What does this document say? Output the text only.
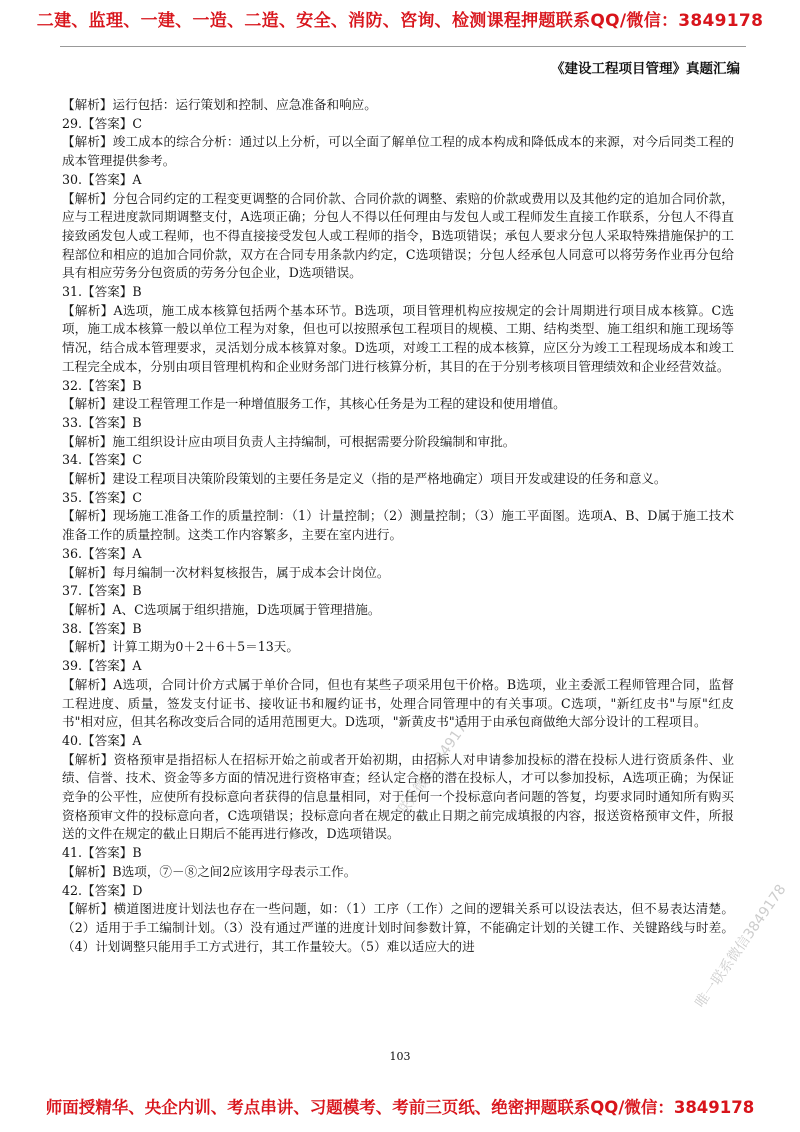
二建、监理、一建、一造、二造、安全、消防、咨询、检测课程押题联系QQ/微信：3849178
《建设工程项目管理》真题汇编

【解析】运行包括：运行策划和控制、应急准备和响应。

29.【答案】C

【解析】竣工成本的综合分析：通过以上分析，可以全面了解单位工程的成本构成和降低成本的来源，对今后同类工程的成本管理提供参考。

30.【答案】A

【解析】分包合同约定的工程变更调整的合同价款、合同价款的调整、索赔的价款或费用以及其他约定的追加合同价款，应与工程进度款同期调整支付，A选项正确；分包人不得以任何理由与发包人或工程师发生直接工作联系，分包人不得直接致函发包人或工程师，也不得直接接受发包人或工程师的指令，B选项错误；承包人要求分包人采取特殊措施保护的工程部位和相应的追加合同价款，双方在合同专用条款内约定，C选项错误；分包人经承包人同意可以将劳务作业再分包给具有相应劳务分包资质的劳务分包企业，D选项错误。

31.【答案】B

【解析】A选项，施工成本核算包括两个基本环节。B选项，项目管理机构应按规定的会计周期进行项目成本核算。C选项，施工成本核算一般以单位工程为对象，但也可以按照承包工程项目的规模、工期、结构类型、施工组织和施工现场等情况，结合成本管理要求，灵活划分成本核算对象。D选项，对竣工工程的成本核算，应区分为竣工工程现场成本和竣工工程完全成本，分别由项目管理机构和企业财务部门进行核算分析，其目的在于分别考核项目管理绩效和企业经营效益。

32.【答案】B

【解析】建设工程管理工作是一种增值服务工作，其核心任务是为工程的建设和使用增值。

33.【答案】B

【解析】施工组织设计应由项目负责人主持编制，可根据需要分阶段编制和审批。

34.【答案】C

【解析】建设工程项目决策阶段策划的主要任务是定义（指的是严格地确定）项目开发或建设的任务和意义。

35.【答案】C

【解析】现场施工准备工作的质量控制：（1）计量控制；（2）测量控制；（3）施工平面图。选项A、B、D属于施工技术准备工作的质量控制。这类工作内容繁多，主要在室内进行。

36.【答案】A

【解析】每月编制一次材料复核报告，属于成本会计岗位。

37.【答案】B

【解析】A、C选项属于组织措施，D选项属于管理措施。

38.【答案】B

【解析】计算工期为0＋2＋6＋5＝13天。

39.【答案】A

【解析】A选项，合同计价方式属于单价合同，但也有某些子项采用包干价格。B选项，业主委派工程师管理合同，监督工程进度、质量，签发支付证书、接收证书和履约证书，处理合同管理中的有关事项。C选项，"新红皮书"与原"红皮书"相对应，但其名称改变后合同的适用范围更大。D选项，"新黄皮书"适用于由承包商做绝大部分设计的工程项目。

40.【答案】A

【解析】资格预审是指招标人在招标开始之前或者开始初期，由招标人对申请参加投标的潜在投标人进行资质条件、业绩、信誉、技术、资金等多方面的情况进行资格审查；经认定合格的潜在投标人，才可以参加投标，A选项正确；为保证竞争的公平性，应使所有投标意向者获得的信息量相同，对于任何一个投标意向者问题的答复，均要求同时通知所有购买资格预审文件的投标意向者，C选项错误；投标意向者在规定的截止日期之前完成填报的内容，报送资格预审文件，所报送的文件在规定的截止日期后不能再进行修改，D选项错误。

41.【答案】B

【解析】B选项，⑦－⑧之间2应该用字母表示工作。

42.【答案】D

【解析】横道图进度计划法也存在一些问题，如：（1）工序（工作）之间的逻辑关系可以设法表达，但不易表达清楚。（2）适用于手工编制计划。（3）没有通过严谨的进度计划时间参数计算，不能确定计划的关键工作、关键路线与时差。（4）计划调整只能用手工方式进行，其工作量较大。（5）难以适应大的进

联系微信3849178
唯一联系微信3849178
103
师面授精华、央企内训、考点串讲、习题模考、考前三页纸、绝密押题联系QQ/微信：3849178
